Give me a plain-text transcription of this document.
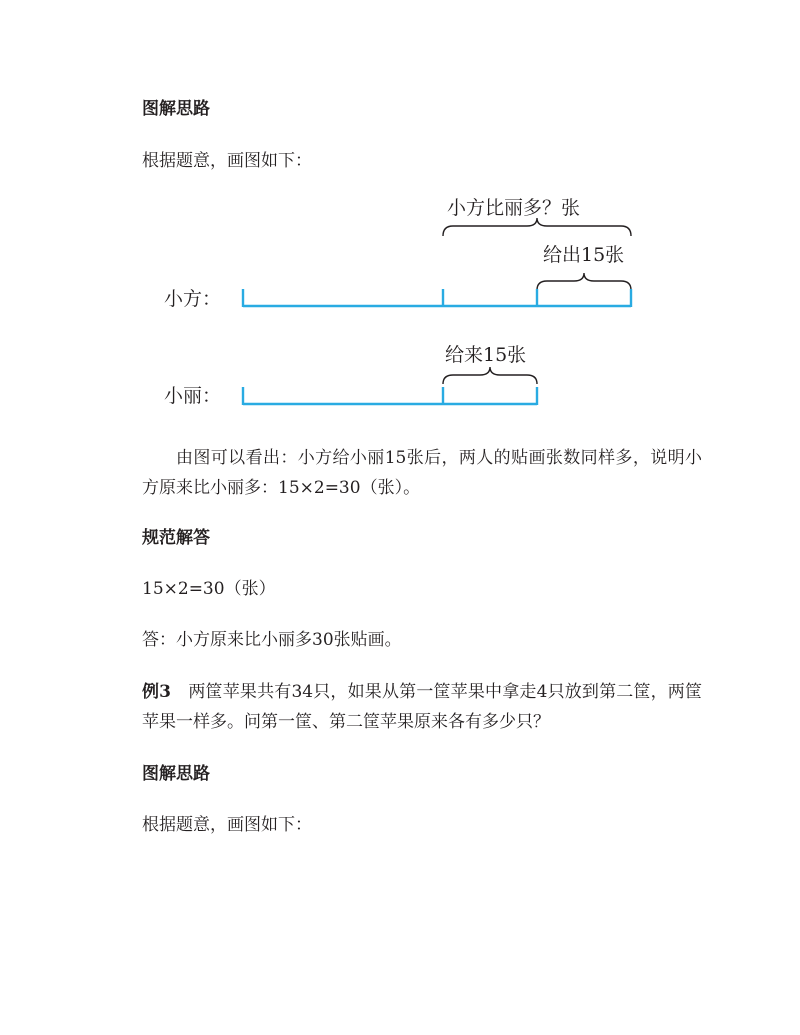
图解思路
根据题意，画图如下：
小方比丽多？张
给出15张
给来15张
小方：
小丽：
由图可以看出：小方给小丽15张后，两人的贴画张数同样多，说明小方原来比小丽多：15×2=30（张）。
规范解答
15×2=30（张）
答：小方原来比小丽多30张贴画。
例3　 两筐苹果共有34只，如果从第一筐苹果中拿走4只放到第二筐，两筐苹果一样多。问第一筐、第二筐苹果原来各有多少只？
图解思路
根据题意，画图如下：
